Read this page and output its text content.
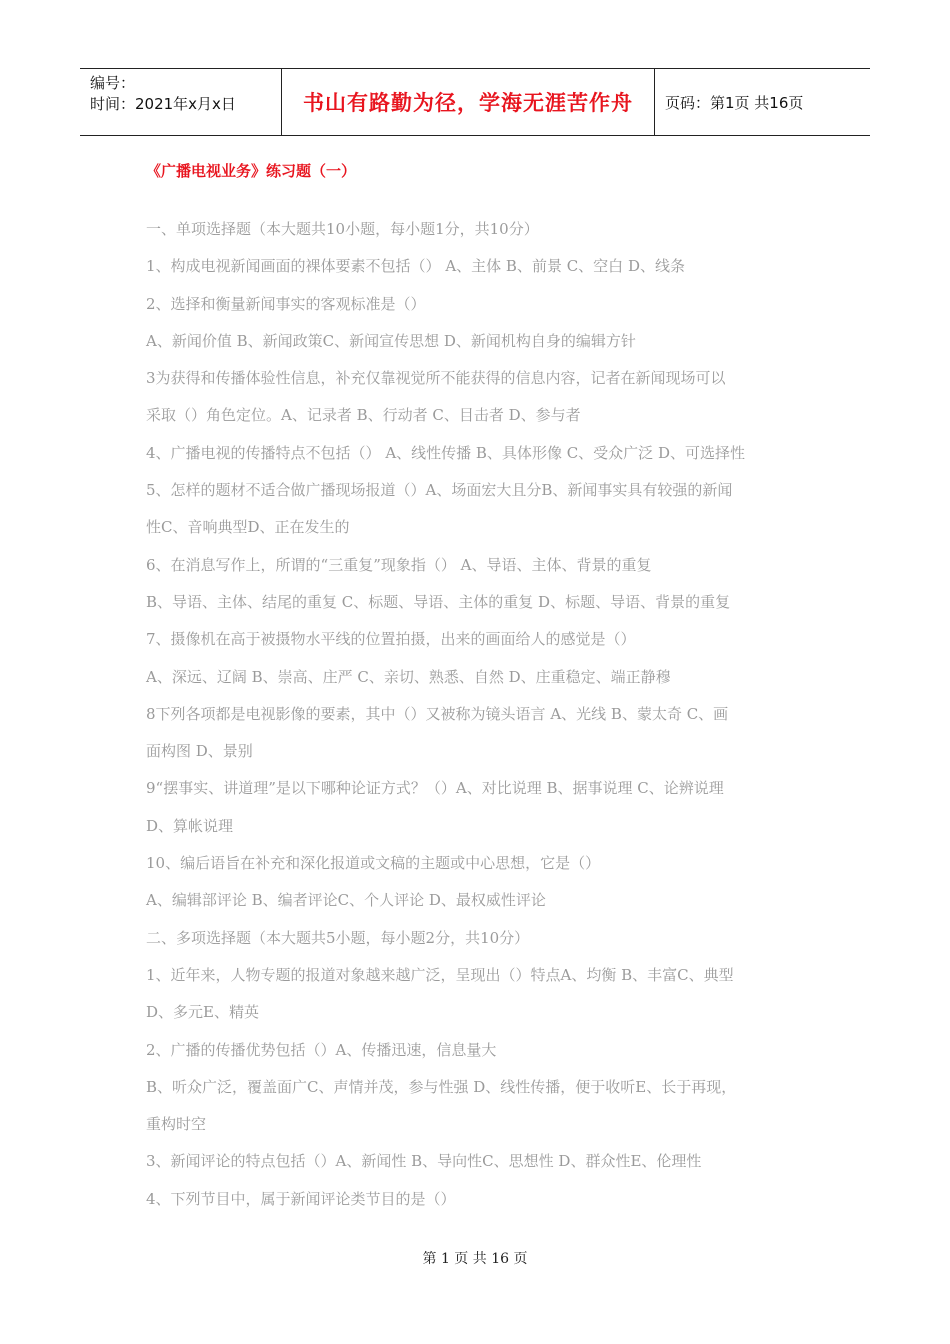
编号：
时间：2021年x月x日	书山有路勤为径，学海无涯苦作舟 页码：第1页 共16页
《广播电视业务》练习题（一）
一、单项选择题（本大题共10小题，每小题1分，共10分）
1、构成电视新闻画面的裸体要素不包括（） A、主体 B、前景 C、空白 D、线条
2、选择和衡量新闻事实的客观标准是（）
A、新闻价值 B、新闻政策C、新闻宣传思想 D、新闻机构自身的编辑方针
3为获得和传播体验性信息，补充仅靠视觉所不能获得的信息内容，记者在新闻现场可以
采取（）角色定位。A、记录者 B、行动者 C、目击者 D、参与者
4、广播电视的传播特点不包括（） A、线性传播 B、具体形像 C、受众广泛 D、可选择性
5、怎样的题材不适合做广播现场报道（）A、场面宏大且分B、新闻事实具有较强的新闻
性C、音响典型D、正在发生的
6、在消息写作上，所谓的“三重复”现象指（） A、导语、主体、背景的重复
B、导语、主体、结尾的重复 C、标题、导语、主体的重复 D、标题、导语、背景的重复
7、摄像机在高于被摄物水平线的位置拍摄，出来的画面给人的感觉是（）
A、深远、辽阔 B、崇高、庄严 C、亲切、熟悉、自然 D、庄重稳定、端正静穆
8下列各项都是电视影像的要素，其中（）又被称为镜头语言 A、光线 B、蒙太奇 C、画
面构图 D、景别
9“摆事实、讲道理”是以下哪种论证方式？（）A、对比说理 B、据事说理 C、论辨说理
D、算帐说理
10、编后语旨在补充和深化报道或文稿的主题或中心思想，它是（）
A、编辑部评论 B、编者评论C、个人评论 D、最权威性评论
二、多项选择题（本大题共5小题，每小题2分，共10分）
1、近年来，人物专题的报道对象越来越广泛，呈现出（）特点A、均衡 B、丰富C、典型
D、多元E、精英
2、广播的传播优势包括（）A、传播迅速，信息量大
B、听众广泛，覆盖面广C、声情并茂，参与性强 D、线性传播，便于收听E、长于再现，
重构时空
3、新闻评论的特点包括（）A、新闻性 B、导向性C、思想性 D、群众性E、伦理性
4、下列节目中，属于新闻评论类节目的是（）
第 1 页 共 16 页
